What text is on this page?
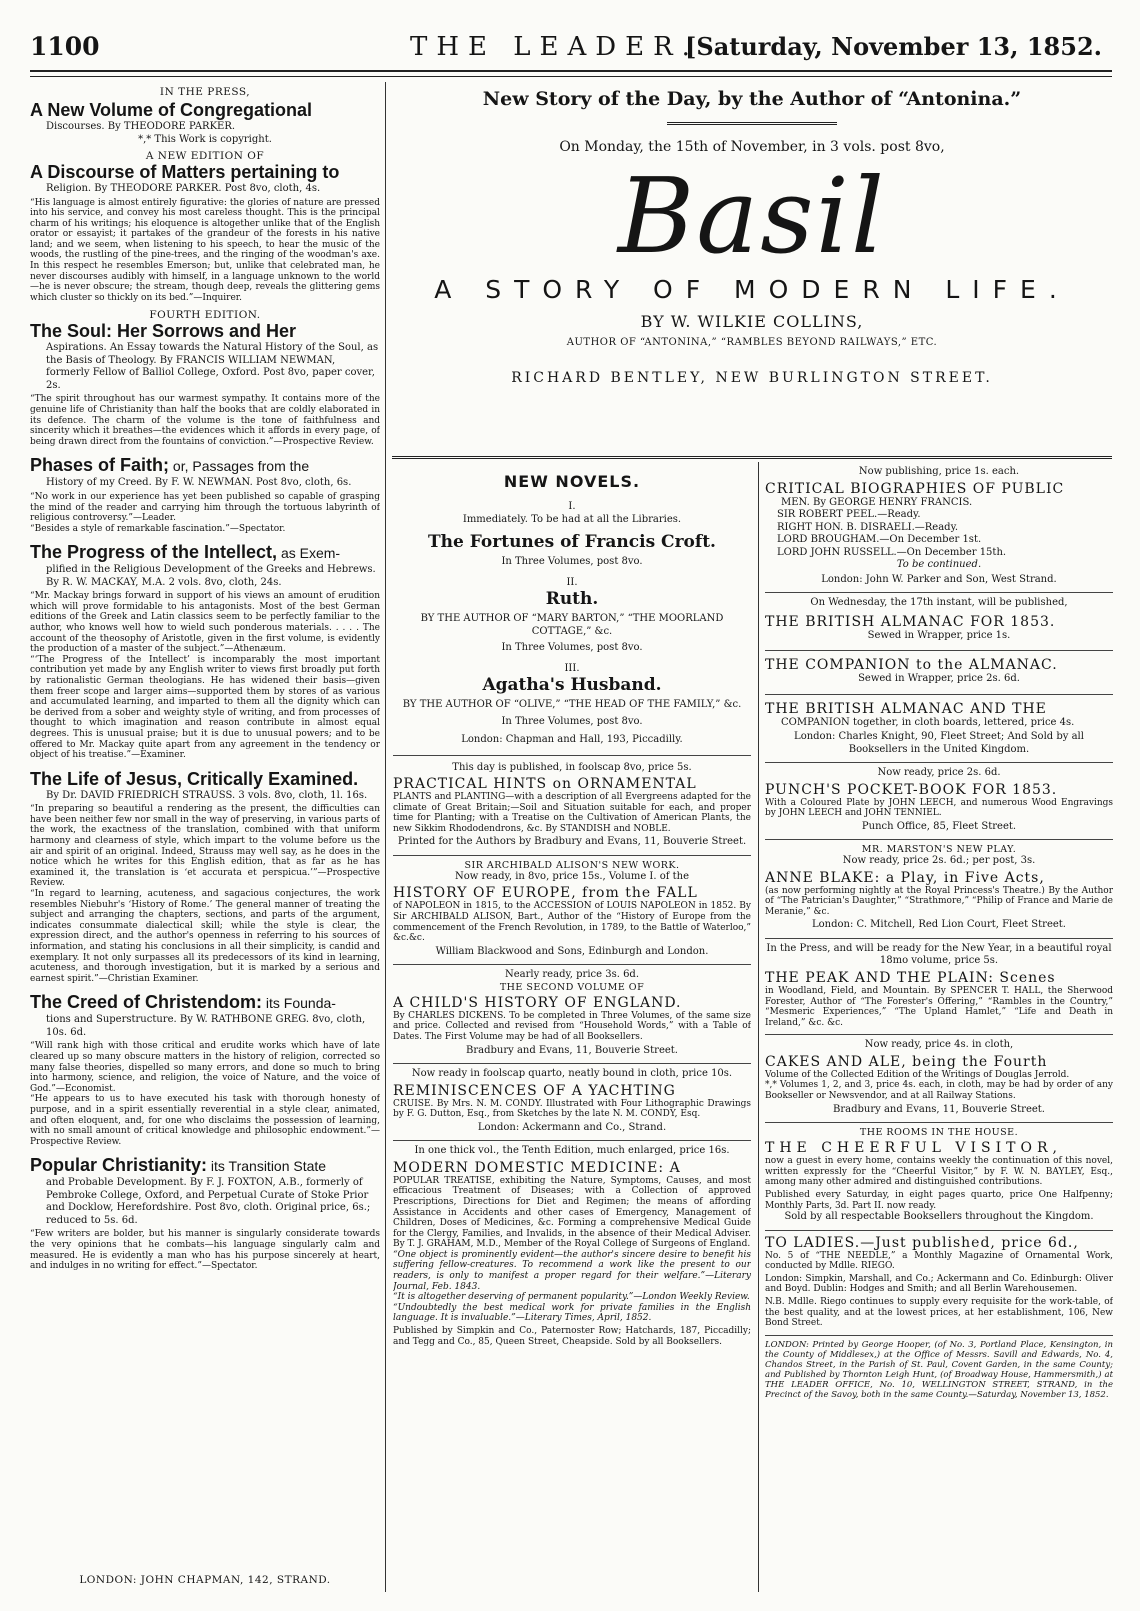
1100	THE LEADER.
[Saturday, November 13, 1852.

IN THE PRESS,

A New Volume of Congregational

Discourses. By THEODORE PARKER.

*,* This Work is copyright.

A NEW EDITION OF

A Discourse of Matters pertaining to

Religion. By THEODORE PARKER. Post 8vo, cloth, 4s.

“His language is almost entirely figurative: the glories of nature are pressed into his service, and convey his most careless thought. This is the principal charm of his writings; his eloquence is altogether unlike that of the English orator or essayist; it partakes of the grandeur of the forests in his native land; and we seem, when listening to his speech, to hear the music of the woods, the rustling of the pine-trees, and the ringing of the woodman's axe. In this respect he resembles Emerson; but, unlike that celebrated man, he never discourses audibly with himself, in a language unknown to the world—he is never obscure; the stream, though deep, reveals the glittering gems which cluster so thickly on its bed.”—Inquirer.

FOURTH EDITION.

The Soul: Her Sorrows and Her

Aspirations. An Essay towards the Natural History of the Soul, as the Basis of Theology. By FRANCIS WILLIAM NEWMAN, formerly Fellow of Balliol College, Oxford. Post 8vo, paper cover, 2s.

“The spirit throughout has our warmest sympathy. It contains more of the genuine life of Christianity than half the books that are coldly elaborated in its defence. The charm of the volume is the tone of faithfulness and sincerity which it breathes—the evidences which it affords in every page, of being drawn direct from the fountains of conviction.”—Prospective Review.

Phases of Faith; or, Passages from the

History of my Creed. By F. W. NEWMAN. Post 8vo, cloth, 6s.

“No work in our experience has yet been published so capable of grasping the mind of the reader and carrying him through the tortuous labyrinth of religious controversy.”—Leader.
“Besides a style of remarkable fascination.”—Spectator.

The Progress of the Intellect, as Exem-

plified in the Religious Development of the Greeks and Hebrews. By R. W. MACKAY, M.A. 2 vols. 8vo, cloth, 24s.

“Mr. Mackay brings forward in support of his views an amount of erudition which will prove formidable to his antagonists. Most of the best German editions of the Greek and Latin classics seem to be perfectly familiar to the author, who knows well how to wield such ponderous materials. . . . . The account of the theosophy of Aristotle, given in the first volume, is evidently the production of a master of the subject.”—Athenæum.
“‘The Progress of the Intellect’ is incomparably the most important contribution yet made by any English writer to views first broadly put forth by rationalistic German theologians. He has widened their basis—given them freer scope and larger aims—supported them by stores of as various and accumulated learning, and imparted to them all the dignity which can be derived from a sober and weighty style of writing, and from processes of thought to which imagination and reason contribute in almost equal degrees. This is unusual praise; but it is due to unusual powers; and to be offered to Mr. Mackay quite apart from any agreement in the tendency or object of his treatise.”—Examiner.

The Life of Jesus, Critically Examined.

By Dr. DAVID FRIEDRICH STRAUSS. 3 vols. 8vo, cloth, 1l. 16s.

“In preparing so beautiful a rendering as the present, the difficulties can have been neither few nor small in the way of preserving, in various parts of the work, the exactness of the translation, combined with that uniform harmony and clearness of style, which impart to the volume before us the air and spirit of an original. Indeed, Strauss may well say, as he does in the notice which he writes for this English edition, that as far as he has examined it, the translation is ‘et accurata et perspicua.’”—Prospective Review.
“In regard to learning, acuteness, and sagacious conjectures, the work resembles Niebuhr's ‘History of Rome.’ The general manner of treating the subject and arranging the chapters, sections, and parts of the argument, indicates consummate dialectical skill; while the style is clear, the expression direct, and the author's openness in referring to his sources of information, and stating his conclusions in all their simplicity, is candid and exemplary. It not only surpasses all its predecessors of its kind in learning, acuteness, and thorough investigation, but it is marked by a serious and earnest spirit.”—Christian Examiner.

The Creed of Christendom: its Founda-

tions and Superstructure. By W. RATHBONE GREG. 8vo, cloth, 10s. 6d.

“Will rank high with those critical and erudite works which have of late cleared up so many obscure matters in the history of religion, corrected so many false theories, dispelled so many errors, and done so much to bring into harmony, science, and religion, the voice of Nature, and the voice of God.”—Economist.
“He appears to us to have executed his task with thorough honesty of purpose, and in a spirit essentially reverential in a style clear, animated, and often eloquent, and, for one who disclaims the possession of learning, with no small amount of critical knowledge and philosophic endowment.”—Prospective Review.

Popular Christianity: its Transition State

and Probable Development. By F. J. FOXTON, A.B., formerly of Pembroke College, Oxford, and Perpetual Curate of Stoke Prior and Docklow, Herefordshire. Post 8vo, cloth. Original price, 6s.; reduced to 5s. 6d.

“Few writers are bolder, but his manner is singularly considerate towards the very opinions that he combats—his language singularly calm and measured. He is evidently a man who has his purpose sincerely at heart, and indulges in no writing for effect.”—Spectator.

LONDON: JOHN CHAPMAN, 142, STRAND.

New Story of the Day, by the Author of “Antonina.”

On Monday, the 15th of November, in 3 vols. post 8vo,

Basil

A STORY OF MODERN LIFE.

BY W. WILKIE COLLINS,

AUTHOR OF “ANTONINA,” “RAMBLES BEYOND RAILWAYS,” ETC.

RICHARD BENTLEY, NEW BURLINGTON STREET.

NEW NOVELS.

I.

Immediately. To be had at all the Libraries.

The Fortunes of Francis Croft.

In Three Volumes, post 8vo.

II.

Ruth.

BY THE AUTHOR OF “MARY BARTON,” “THE MOORLAND COTTAGE,” &c.

In Three Volumes, post 8vo.

III.

Agatha's Husband.

BY THE AUTHOR OF “OLIVE,” “THE HEAD OF THE FAMILY,” &c.

In Three Volumes, post 8vo.

London: Chapman and Hall, 193, Piccadilly.

This day is published, in foolscap 8vo, price 5s.

PRACTICAL HINTS on ORNAMENTAL

PLANTS and PLANTING—with a description of all Evergreens adapted for the climate of Great Britain;—Soil and Situation suitable for each, and proper time for Planting; with a Treatise on the Cultivation of American Plants, the new Sikkim Rhododendrons, &c. By STANDISH and NOBLE.

Printed for the Authors by Bradbury and Evans, 11, Bouverie Street.

SIR ARCHIBALD ALISON'S NEW WORK.

Now ready, in 8vo, price 15s., Volume I. of the

HISTORY OF EUROPE, from the FALL

of NAPOLEON in 1815, to the ACCESSION of LOUIS NAPOLEON in 1852. By Sir ARCHIBALD ALISON, Bart., Author of the “History of Europe from the commencement of the French Revolution, in 1789, to the Battle of Waterloo,” &c.&c.

William Blackwood and Sons, Edinburgh and London.

Nearly ready, price 3s. 6d.

THE SECOND VOLUME OF

A CHILD'S HISTORY OF ENGLAND.

By CHARLES DICKENS. To be completed in Three Volumes, of the same size and price. Collected and revised from “Household Words,” with a Table of Dates. The First Volume may be had of all Booksellers.

Bradbury and Evans, 11, Bouverie Street.

Now ready in foolscap quarto, neatly bound in cloth, price 10s.

REMINISCENCES OF A YACHTING

CRUISE. By Mrs. N. M. CONDY. Illustrated with Four Lithographic Drawings by F. G. Dutton, Esq., from Sketches by the late N. M. CONDY, Esq.

London: Ackermann and Co., Strand.

In one thick vol., the Tenth Edition, much enlarged, price 16s.

MODERN DOMESTIC MEDICINE: A

POPULAR TREATISE, exhibiting the Nature, Symptoms, Causes, and most efficacious Treatment of Diseases; with a Collection of approved Prescriptions, Directions for Diet and Regimen; the means of affording Assistance in Accidents and other cases of Emergency, Management of Children, Doses of Medicines, &c. Forming a comprehensive Medical Guide for the Clergy, Families, and Invalids, in the absence of their Medical Adviser. By T. J. GRAHAM, M.D., Member of the Royal College of Surgeons of England.

“One object is prominently evident—the author's sincere desire to benefit his suffering fellow-creatures. To recommend a work like the present to our readers, is only to manifest a proper regard for their welfare.”—Literary Journal, Feb. 1843.
“It is altogether deserving of permanent popularity.”—London Weekly Review.
“Undoubtedly the best medical work for private families in the English language. It is invaluable.”—Literary Times, April, 1852.

Published by Simpkin and Co., Paternoster Row; Hatchards, 187, Piccadilly; and Tegg and Co., 85, Queen Street, Cheapside. Sold by all Booksellers.

Now publishing, price 1s. each.

CRITICAL BIOGRAPHIES OF PUBLIC

MEN. By GEORGE HENRY FRANCIS.

SIR ROBERT PEEL.—Ready.

RIGHT HON. B. DISRAELI.—Ready.

LORD BROUGHAM.—On December 1st.

LORD JOHN RUSSELL.—On December 15th.

To be continued.

London: John W. Parker and Son, West Strand.

On Wednesday, the 17th instant, will be published,

THE BRITISH ALMANAC FOR 1853.

Sewed in Wrapper, price 1s.

THE COMPANION to the ALMANAC.

Sewed in Wrapper, price 2s. 6d.

THE BRITISH ALMANAC AND THE

COMPANION together, in cloth boards, lettered, price 4s.

London: Charles Knight, 90, Fleet Street; And Sold by all Booksellers in the United Kingdom.

Now ready, price 2s. 6d.

PUNCH'S POCKET-BOOK FOR 1853.

With a Coloured Plate by JOHN LEECH, and numerous Wood Engravings by JOHN LEECH and JOHN TENNIEL.

Punch Office, 85, Fleet Street.

MR. MARSTON'S NEW PLAY.

Now ready, price 2s. 6d.; per post, 3s.

ANNE BLAKE: a Play, in Five Acts,

(as now performing nightly at the Royal Princess's Theatre.) By the Author of “The Patrician's Daughter,” “Strathmore,” “Philip of France and Marie de Meranie,” &c.

London: C. Mitchell, Red Lion Court, Fleet Street.

In the Press, and will be ready for the New Year, in a beautiful royal 18mo volume, price 5s.

THE PEAK AND THE PLAIN: Scenes

in Woodland, Field, and Mountain. By SPENCER T. HALL, the Sherwood Forester, Author of “The Forester's Offering,” “Rambles in the Country,” “Mesmeric Experiences,” “The Upland Hamlet,” “Life and Death in Ireland,” &c. &c.

Now ready, price 4s. in cloth,

CAKES AND ALE, being the Fourth

Volume of the Collected Edition of the Writings of Douglas Jerrold.
*,* Volumes 1, 2, and 3, price 4s. each, in cloth, may be had by order of any Bookseller or Newsvendor, and at all Railway Stations.

Bradbury and Evans, 11, Bouverie Street.

THE ROOMS IN THE HOUSE.

THE CHEERFUL VISITOR,

now a guest in every home, contains weekly the continuation of this novel, written expressly for the “Cheerful Visitor,” by F. W. N. BAYLEY, Esq., among many other admired and distinguished contributions.

Published every Saturday, in eight pages quarto, price One Halfpenny; Monthly Parts, 3d. Part II. now ready.

Sold by all respectable Booksellers throughout the Kingdom.

TO LADIES.—Just published, price 6d.,

No. 5 of “THE NEEDLE,” a Monthly Magazine of Ornamental Work, conducted by Mdlle. RIEGO.

London: Simpkin, Marshall, and Co.; Ackermann and Co. Edinburgh: Oliver and Boyd. Dublin: Hodges and Smith; and all Berlin Warehousemen.

N.B. Mdlle. Riego continues to supply every requisite for the work-table, of the best quality, and at the lowest prices, at her establishment, 106, New Bond Street.

LONDON: Printed by George Hooper, (of No. 3, Portland Place, Kensington, in the County of Middlesex,) at the Office of Messrs. Savill and Edwards, No. 4, Chandos Street, in the Parish of St. Paul, Covent Garden, in the same County; and Published by Thornton Leigh Hunt, (of Broadway House, Hammersmith,) at THE LEADER OFFICE, No. 10, WELLINGTON STREET, STRAND, in the Precinct of the Savoy, both in the same County.—Saturday, November 13, 1852.
